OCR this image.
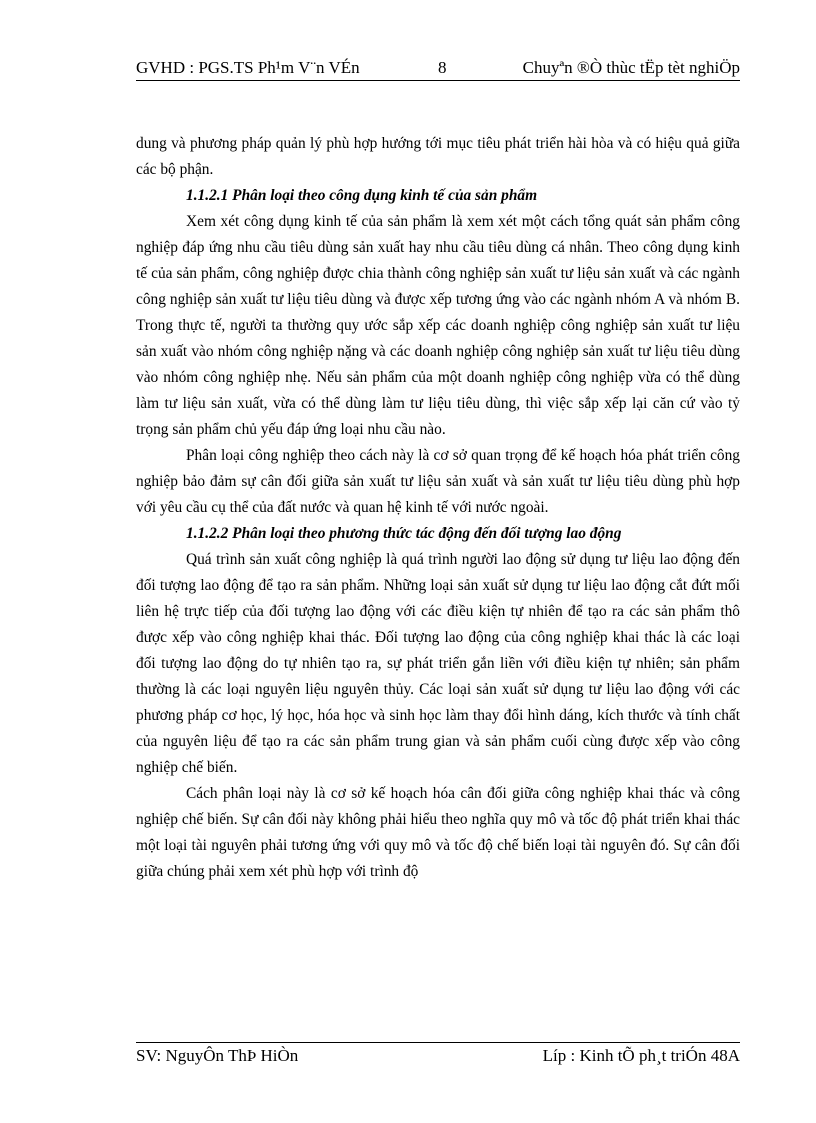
GVHD : PGS.TS Ph¹m V¨n VÉn	8	Chuyªn ®Ò thùc tËp tèt nghiÖp

dung và phương pháp quản lý phù hợp hướng tới mục tiêu phát triển hài hòa và có hiệu quả giữa các bộ phận.

1.1.2.1 Phân loại theo công dụng kinh tế của sản phẩm

Xem xét công dụng kinh tế của sản phẩm là xem xét một cách tổng quát sản phẩm công nghiệp đáp ứng nhu cầu tiêu dùng sản xuất hay nhu cầu tiêu dùng cá nhân. Theo công dụng kinh tế của sản phẩm, công nghiệp được chia thành công nghiệp sản xuất tư liệu sản xuất và các ngành công nghiệp sản xuất tư liệu tiêu dùng và được xếp tương ứng vào các ngành nhóm A và nhóm B. Trong thực tế, người ta thường quy ước sắp xếp các doanh nghiệp công nghiệp sản xuất tư liệu sản xuất vào nhóm công nghiệp nặng và các doanh nghiệp công nghiệp sản xuất tư liệu tiêu dùng vào nhóm công nghiệp nhẹ. Nếu sản phẩm của một doanh nghiệp công nghiệp vừa có thể dùng làm tư liệu sản xuất, vừa có thể dùng làm tư liệu tiêu dùng, thì việc sắp xếp lại căn cứ vào tỷ trọng sản phẩm chủ yếu đáp ứng loại nhu cầu nào.

Phân loại công nghiệp theo cách này là cơ sở quan trọng để kế hoạch hóa phát triển công nghiệp bảo đảm sự cân đối giữa sản xuất tư liệu sản xuất và sản xuất tư liệu tiêu dùng phù hợp với yêu cầu cụ thể của đất nước và quan hệ kinh tế với nước ngoài.

1.1.2.2 Phân loại theo phương thức tác động đến đối tượng lao động

Quá trình sản xuất công nghiệp là quá trình người lao động sử dụng tư liệu lao động đến đối tượng lao động để tạo ra sản phẩm. Những loại sản xuất sử dụng tư liệu lao động cắt đứt mối liên hệ trực tiếp của đối tượng lao động với các điều kiện tự nhiên để tạo ra các sản phẩm thô được xếp vào công nghiệp khai thác. Đối tượng lao động của công nghiệp khai thác là các loại đối tượng lao động do tự nhiên tạo ra, sự phát triển gắn liền với điều kiện tự nhiên; sản phẩm thường là các loại nguyên liệu nguyên thủy. Các loại sản xuất sử dụng tư liệu lao động với các phương pháp cơ học, lý học, hóa học và sinh học làm thay đổi hình dáng, kích thước và tính chất của nguyên liệu để tạo ra các sản phẩm trung gian và sản phẩm cuối cùng được xếp vào công nghiệp chế biến.

Cách phân loại này là cơ sở kế hoạch hóa cân đối giữa công nghiệp khai thác và công nghiệp chế biến. Sự cân đối này không phải hiểu theo nghĩa quy mô và tốc độ phát triển khai thác một loại tài nguyên phải tương ứng với quy mô và tốc độ chế biến loại tài nguyên đó. Sự cân đối giữa chúng phải xem xét phù hợp với trình độ

SV: NguyÔn ThÞ HiÒn	Líp : Kinh tÕ ph¸t triÓn 48A
